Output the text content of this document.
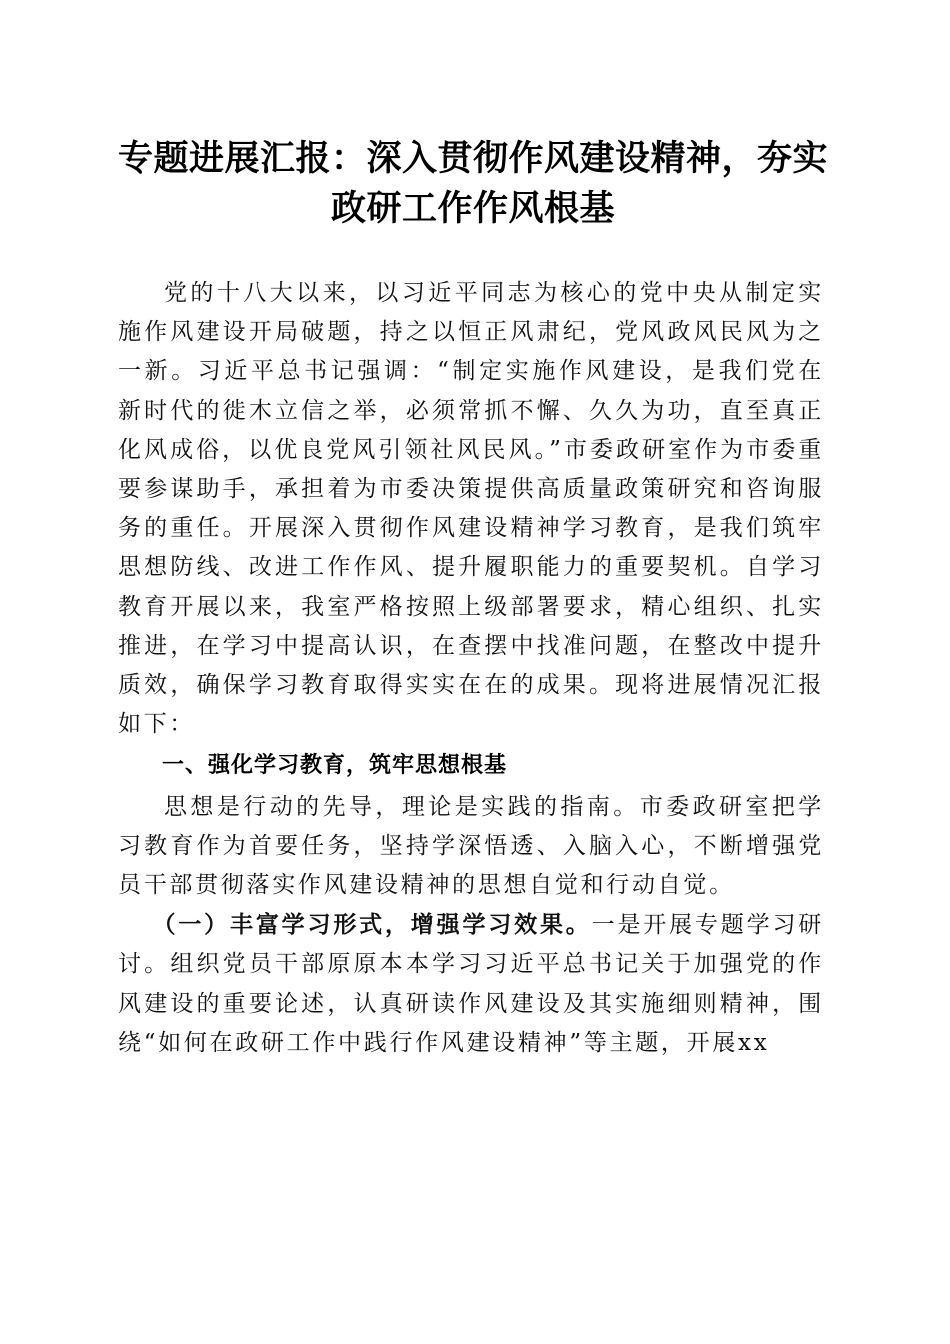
专题进展汇报：深入贯彻作风建设精神，夯实
政研工作作风根基

党的十八大以来，以习近平同志为核心的党中央从制定实施作风建设开局破题，持之以恒正风肃纪，党风政风民风为之一新。习近平总书记强调：“制定实施作风建设，是我们党在新时代的徙木立信之举，必须常抓不懈、久久为功，直至真正化风成俗，以优良党风引领社风民风。”市委政研室作为市委重要参谋助手，承担着为市委决策提供高质量政策研究和咨询服务的重任。开展深入贯彻作风建设精神学习教育，是我们筑牢思想防线、改进工作作风、提升履职能力的重要契机。自学习教育开展以来，我室严格按照上级部署要求，精心组织、扎实推进，在学习中提高认识，在查摆中找准问题，在整改中提升质效，确保学习教育取得实实在在的成果。现将进展情况汇报如下：

一、强化学习教育，筑牢思想根基

思想是行动的先导，理论是实践的指南。市委政研室把学习教育作为首要任务，坚持学深悟透、入脑入心，不断增强党员干部贯彻落实作风建设精神的思想自觉和行动自觉。

（一）丰富学习形式，增强学习效果。一是开展专题学习研讨。组织党员干部原原本本学习习近平总书记关于加强党的作风建设的重要论述，认真研读作风建设及其实施细则精神，围绕“如何在政研工作中践行作风建设精神”等主题，开展xx
